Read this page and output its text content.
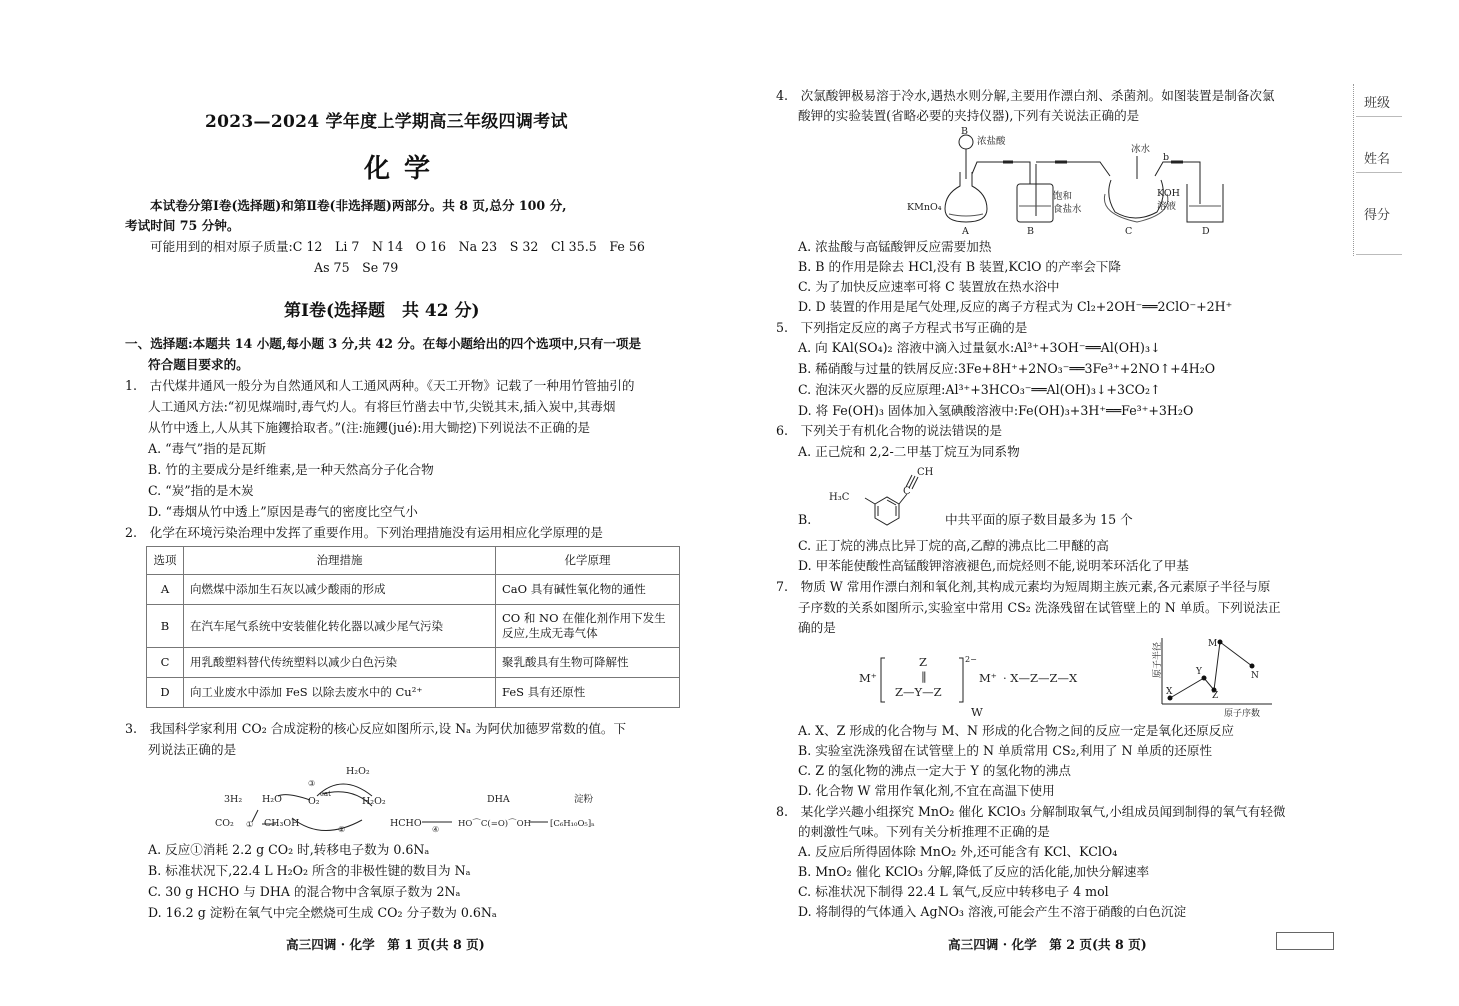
2023—2024 学年度上学期高三年级四调考试
化学
本试卷分第Ⅰ卷(选择题)和第Ⅱ卷(非选择题)两部分。共 8 页,总分 100 分,
考试时间 75 分钟。
可能用到的相对原子质量:C 12　Li 7　N 14　O 16　Na 23　S 32　Cl 35.5　Fe 56
As 75　Se 79
第Ⅰ卷(选择题　共 42 分)
一、选择题:本题共 14 小题,每小题 3 分,共 42 分。在每小题给出的四个选项中,只有一项是
符合题目要求的。
1.　古代煤井通风一般分为自然通风和人工通风两种。《天工开物》记载了一种用竹管抽引的
人工通风方法:“初见煤端时,毒气灼人。有将巨竹凿去中节,尖锐其末,插入炭中,其毒烟
从竹中透上,人从其下施钁拾取者。”(注:施钁(jué):用大锄挖)下列说法不正确的是
A. “毒气”指的是瓦斯
B. 竹的主要成分是纤维素,是一种天然高分子化合物
C. “炭”指的是木炭
D. “毒烟从竹中透上”原因是毒气的密度比空气小
2.　化学在环境污染治理中发挥了重要作用。下列治理措施没有运用相应化学原理的是
选项	治理措施	化学原理
A	向燃煤中添加生石灰以减少酸雨的形成	CaO 具有碱性氧化物的通性
B	在汽车尾气系统中安装催化转化器以减少尾气污染	CO 和 NO 在催化剂作用下发生
反应,生成无毒气体

C	用乳酸塑料替代传统塑料以减少白色污染	聚乳酸具有生物可降解性
D	向工业废水中添加 FeS 以除去废水中的 Cu²⁺	FeS 具有还原性
3.　我国科学家利用 CO₂ 合成淀粉的核心反应如图所示,设 Nₐ 为阿伏加德罗常数的值。下
列说法正确的是
H₂O₂
③
cat
3H₂ H₂O	O₂	H₂O₂
CO₂ ① CH₃OH
②
HCHO
④
DHA
HO⌒C(=O)⌒OH
淀粉
[C₆H₁₀O₅]ₙ
A. 反应①消耗 2.2 g CO₂ 时,转移电子数为 0.6Nₐ
B. 标准状况下,22.4 L H₂O₂ 所含的非极性键的数目为 Nₐ
C. 30 g HCHO 与 DHA 的混合物中含氧原子数为 2Nₐ
D. 16.2 g 淀粉在氧气中完全燃烧可生成 CO₂ 分子数为 0.6Nₐ
高三四调 · 化学　第 1 页(共 8 页)
4.　次氯酸钾极易溶于冷水,遇热水则分解,主要用作漂白剂、杀菌剂。如图装置是制备次氯
酸钾的实验装置(省略必要的夹持仪器),下列有关说法正确的是
B
浓盐酸
冰水
b
KMnO₄
饱和
食盐水
KOH
溶液
A	B	C	D
A. 浓盐酸与高锰酸钾反应需要加热
B. B 的作用是除去 HCl,没有 B 装置,KClO 的产率会下降
C. 为了加快反应速率可将 C 装置放在热水浴中
D. D 装置的作用是尾气处理,反应的离子方程式为 Cl₂+2OH⁻══2ClO⁻+2H⁺
5.　下列指定反应的离子方程式书写正确的是
A. 向 KAl(SO₄)₂ 溶液中滴入过量氨水:Al³⁺+3OH⁻══Al(OH)₃↓
B. 稀硝酸与过量的铁屑反应:3Fe+8H⁺+2NO₃⁻══3Fe³⁺+2NO↑+4H₂O
C. 泡沫灭火器的反应原理:Al³⁺+3HCO₃⁻══Al(OH)₃↓+3CO₂↑
D. 将 Fe(OH)₃ 固体加入氢碘酸溶液中:Fe(OH)₃+3H⁺══Fe³⁺+3H₂O
6.　下列关于有机化合物的说法错误的是
A. 正己烷和 2,2-二甲基丁烷互为同系物
B.
CH
H₃C
C
中共平面的原子数目最多为 15 个
C. 正丁烷的沸点比异丁烷的高,乙醇的沸点比二甲醚的高
D. 甲苯能使酸性高锰酸钾溶液褪色,而烷烃则不能,说明苯环活化了甲基
7.　物质 W 常用作漂白剂和氧化剂,其构成元素均为短周期主族元素,各元素原子半径与原
子序数的关系如图所示,实验室中常用 CS₂ 洗涤残留在试管壁上的 N 单质。下列说法正
确的是
M⁺
Z
‖
Z—Y—Z
2−
M⁺ · X—Z—Z—X
W
原子半径
原子序数
X
Y
Z
M
N
A. X、Z 形成的化合物与 M、N 形成的化合物之间的反应一定是氧化还原反应
B. 实验室洗涤残留在试管壁上的 N 单质常用 CS₂,利用了 N 单质的还原性
C. Z 的氢化物的沸点一定大于 Y 的氢化物的沸点
D. 化合物 W 常用作氧化剂,不宜在高温下使用
8.　某化学兴趣小组探究 MnO₂ 催化 KClO₃ 分解制取氧气,小组成员闻到制得的氧气有轻微
的刺激性气味。下列有关分析推理不正确的是
A. 反应后所得固体除 MnO₂ 外,还可能含有 KCl、KClO₄
B. MnO₂ 催化 KClO₃ 分解,降低了反应的活化能,加快分解速率
C. 标准状况下制得 22.4 L 氧气,反应中转移电子 4 mol
D. 将制得的气体通入 AgNO₃ 溶液,可能会产生不溶于硝酸的白色沉淀
高三四调 · 化学　第 2 页(共 8 页)
班级
姓名
得分
